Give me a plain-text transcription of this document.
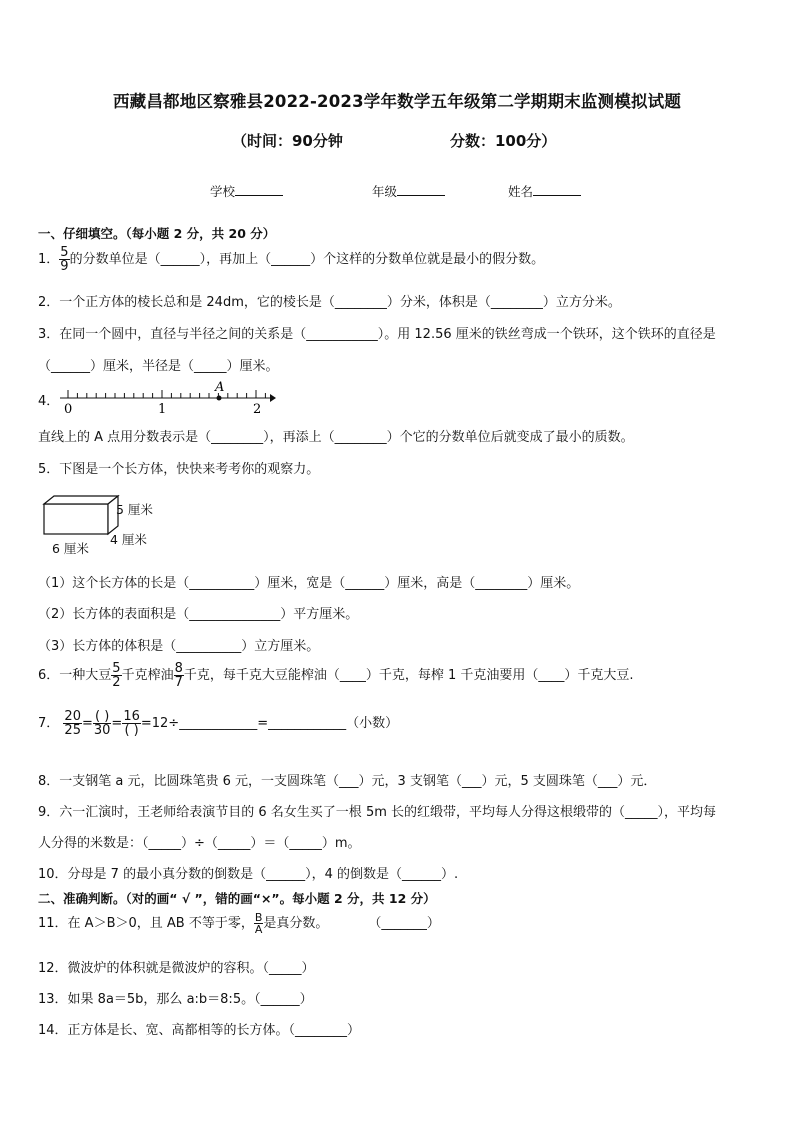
西藏昌都地区察雅县2022-2023学年数学五年级第二学期期末监测模拟试题
（时间：90分钟	分数：100分）
学校	年级	姓名
一、仔细填空。（每小题 2 分，共 20 分）
1． $\frac{5}{9}$ 的分数单位是（______），再加上（______）个这样的分数单位就是最小的假分数。
2．一个正方体的棱长总和是 24dm，它的棱长是（________）分米，体积是（________）立方分米。
3．在同一个圆中，直径与半径之间的关系是（___________）。用 12.56 厘米的铁丝弯成一个铁环，这个铁环的直径是
（______）厘米，半径是（_____）厘米。
4．
A
0	1	2
直线上的 A 点用分数表示是（________），再添上（________）个它的分数单位后就变成了最小的质数。
5．下图是一个长方体，快快来考考你的观察力。
5 厘米
4 厘米
6 厘米
（1）这个长方体的长是（__________）厘米，宽是（______）厘米，高是（________）厘米。
（2）长方体的表面积是（______________）平方厘米。
（3）长方体的体积是（__________）立方厘米。
6．一种大豆 $\frac{5}{2}$ 千克榨油 $\frac{8}{7}$ 千克，每千克大豆能榨油（____）千克，每榨 1 千克油要用（____）千克大豆.
7． $\frac{20}{25} = \frac{( )}{30} = \frac{16}{( )}$ =12÷____________=____________（小数）
8．一支钢笔 a 元，比圆珠笔贵 6 元，一支圆珠笔（___）元，3 支钢笔（___）元，5 支圆珠笔（___）元．
9．六一汇演时，王老师给表演节目的 6 名女生买了一根 5m 长的红缎带，平均每人分得这根缎带的（_____），平均每
人分得的米数是：（_____）÷（_____）＝（_____）m。
10．分母是 7 的最小真分数的倒数是（______），4 的倒数是（______）.
二、准确判断。（对的画“ √ ”，错的画“×”。每小题 2 分，共 12 分）
11．在 A＞B＞0，且 AB 不等于零， $\frac{B}{A}$ 是真分数。	（_______）
12．微波炉的体积就是微波炉的容积。（_____）
13．如果 8a＝5b，那么 a:b＝8:5。（______）
14．正方体是长、宽、高都相等的长方体。（________）
